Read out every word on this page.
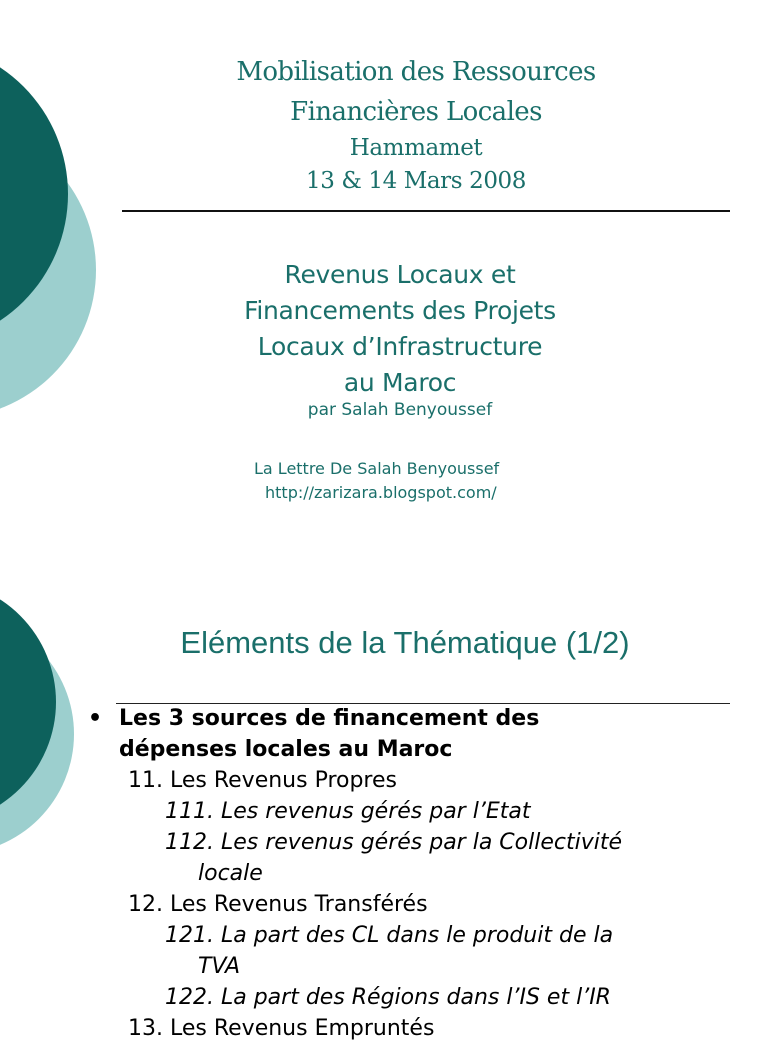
Mobilisation des Ressources
Financières Locales
Hammamet
13 & 14 Mars 2008
Revenus Locaux et
Financements des Projets
Locaux d’Infrastructure
au Maroc
par Salah Benyoussef
La Lettre De Salah Benyoussef
http://zarizara.blogspot.com/
Eléments de la Thématique (1/2)
• Les 3 sources de financement des
dépenses locales au Maroc
11. Les Revenus Propres
111. Les revenus gérés par l’Etat
112. Les revenus gérés par la Collectivité
locale
12. Les Revenus Transférés
121. La part des CL dans le produit de la
TVA
122. La part des Régions dans l’IS et l’IR
13. Les Revenus Empruntés
